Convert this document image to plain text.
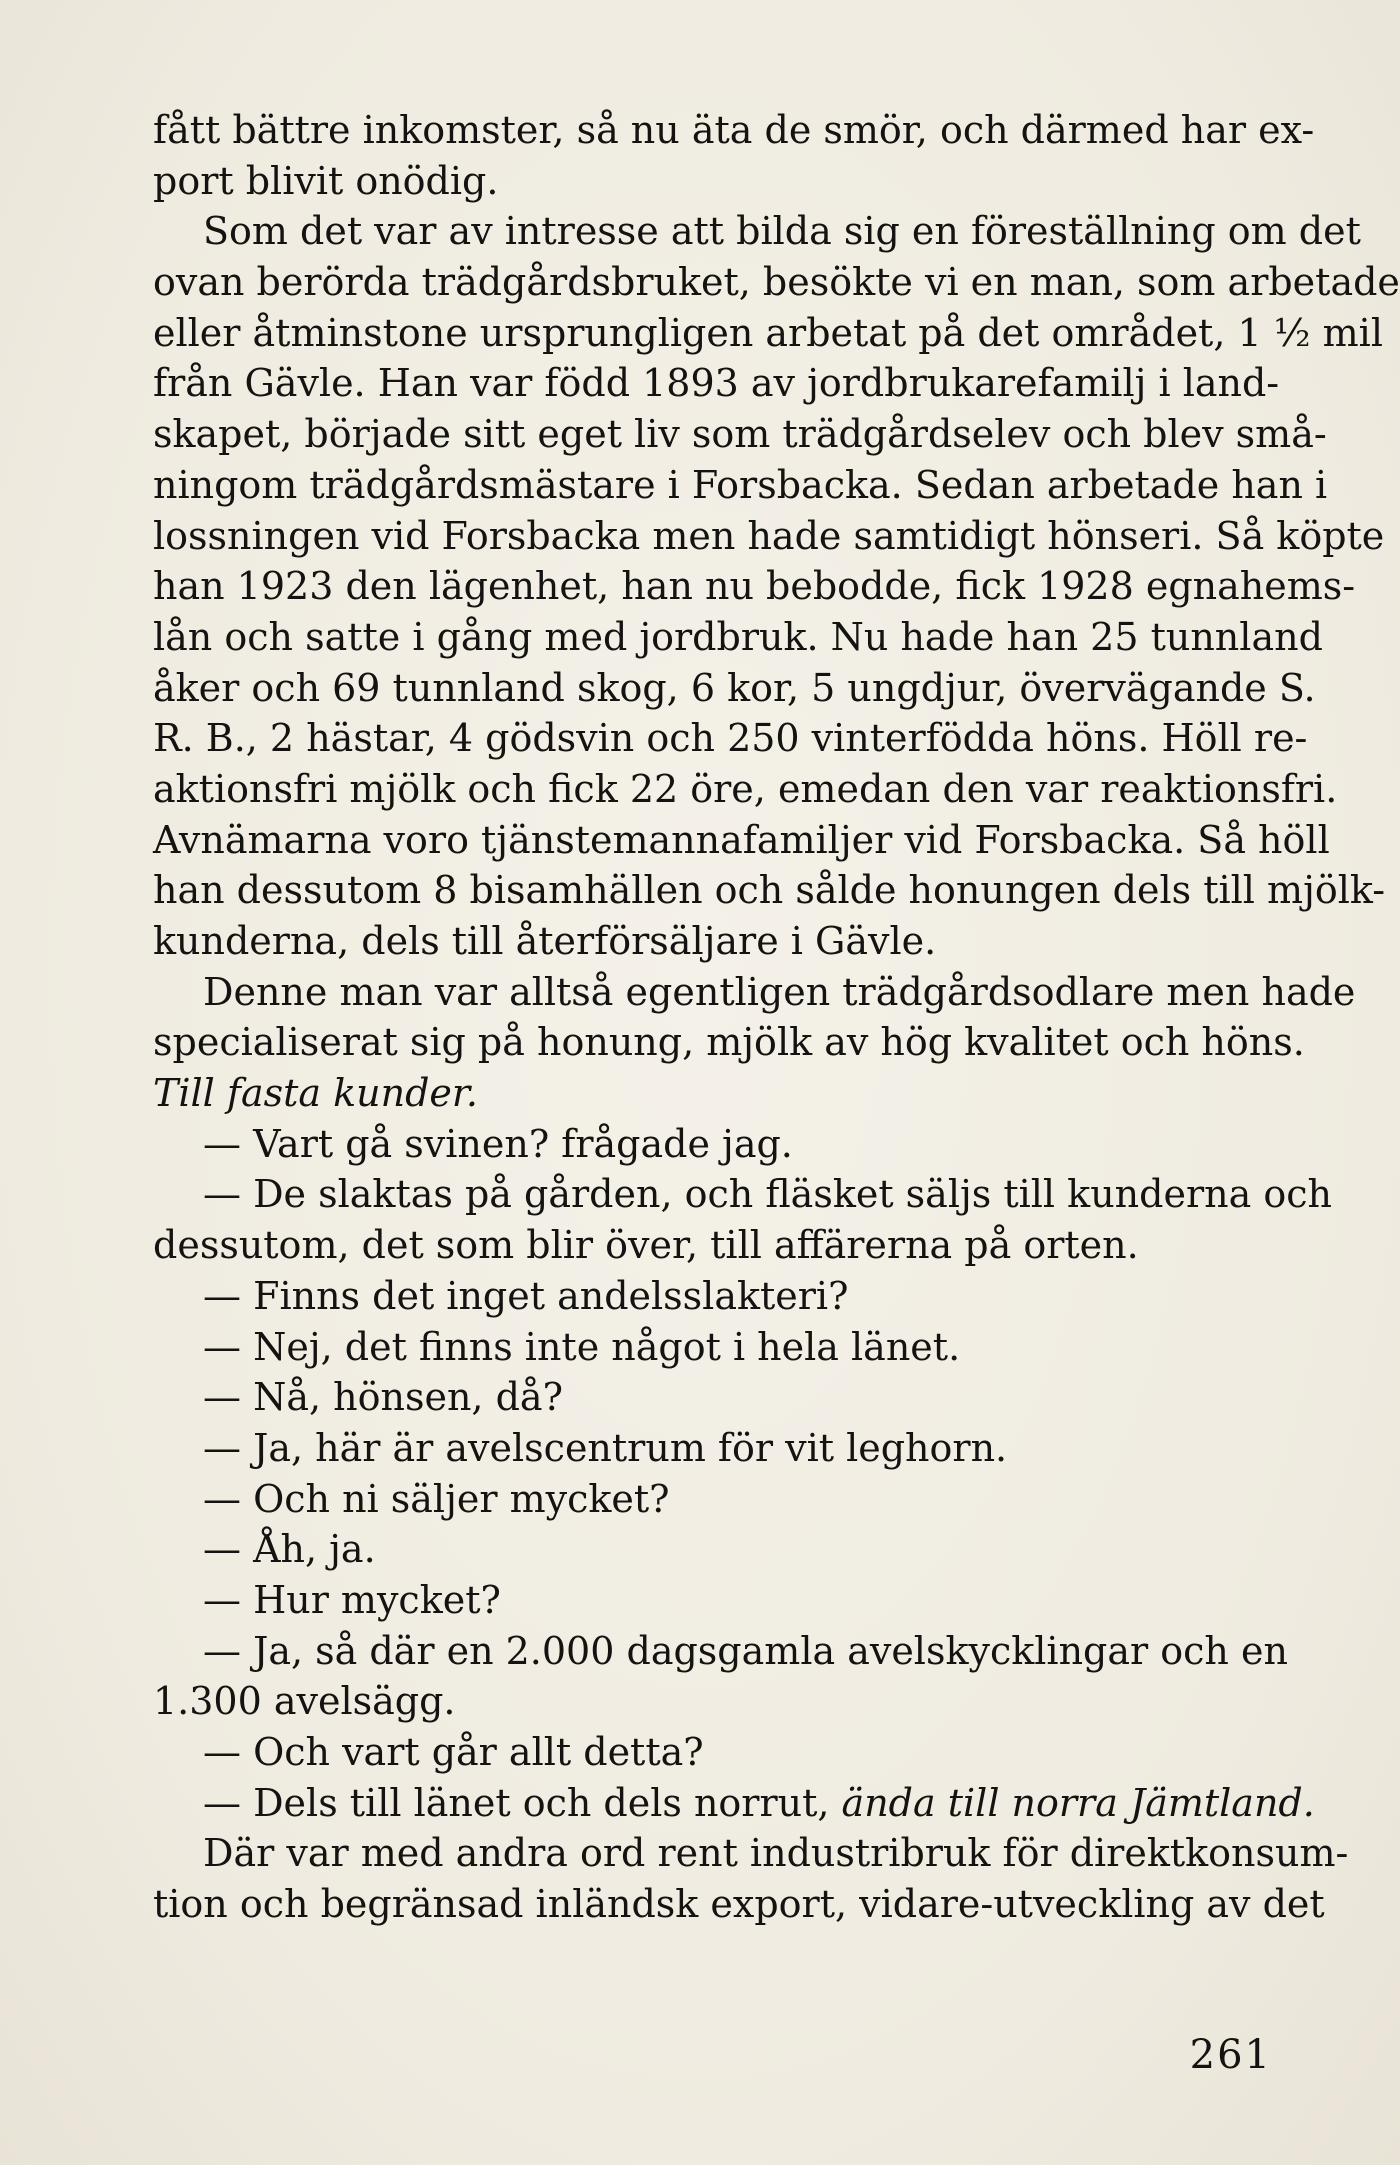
fått bättre inkomster, så nu äta de smör, och därmed har ex-
port blivit onödig.
Som det var av intresse att bilda sig en föreställning om det
ovan berörda trädgårdsbruket, besökte vi en man, som arbetade
eller åtminstone ursprungligen arbetat på det området, 1 ½ mil
från Gävle. Han var född 1893 av jordbrukarefamilj i land-
skapet, började sitt eget liv som trädgårdselev och blev små-
ningom trädgårdsmästare i Forsbacka. Sedan arbetade han i
lossningen vid Forsbacka men hade samtidigt hönseri. Så köpte
han 1923 den lägenhet, han nu bebodde, fick 1928 egnahems-
lån och satte i gång med jordbruk. Nu hade han 25 tunnland
åker och 69 tunnland skog, 6 kor, 5 ungdjur, övervägande S.
R. B., 2 hästar, 4 gödsvin och 250 vinterfödda höns. Höll re-
aktionsfri mjölk och fick 22 öre, emedan den var reaktionsfri.
Avnämarna voro tjänstemannafamiljer vid Forsbacka. Så höll
han dessutom 8 bisamhällen och sålde honungen dels till mjölk-
kunderna, dels till återförsäljare i Gävle.
Denne man var alltså egentligen trädgårdsodlare men hade
specialiserat sig på honung, mjölk av hög kvalitet och höns.
Till fasta kunder.
— Vart gå svinen? frågade jag.
— De slaktas på gården, och fläsket säljs till kunderna och
dessutom, det som blir över, till affärerna på orten.
— Finns det inget andelsslakteri?
— Nej, det finns inte något i hela länet.
— Nå, hönsen, då?
— Ja, här är avelscentrum för vit leghorn.
— Och ni säljer mycket?
— Åh, ja.
— Hur mycket?
— Ja, så där en 2.000 dagsgamla avelskycklingar och en
1.300 avelsägg.
— Och vart går allt detta?
— Dels till länet och dels norrut, ända till norra Jämtland.
Där var med andra ord rent industribruk för direktkonsum-
tion och begränsad inländsk export, vidare-utveckling av det
261
